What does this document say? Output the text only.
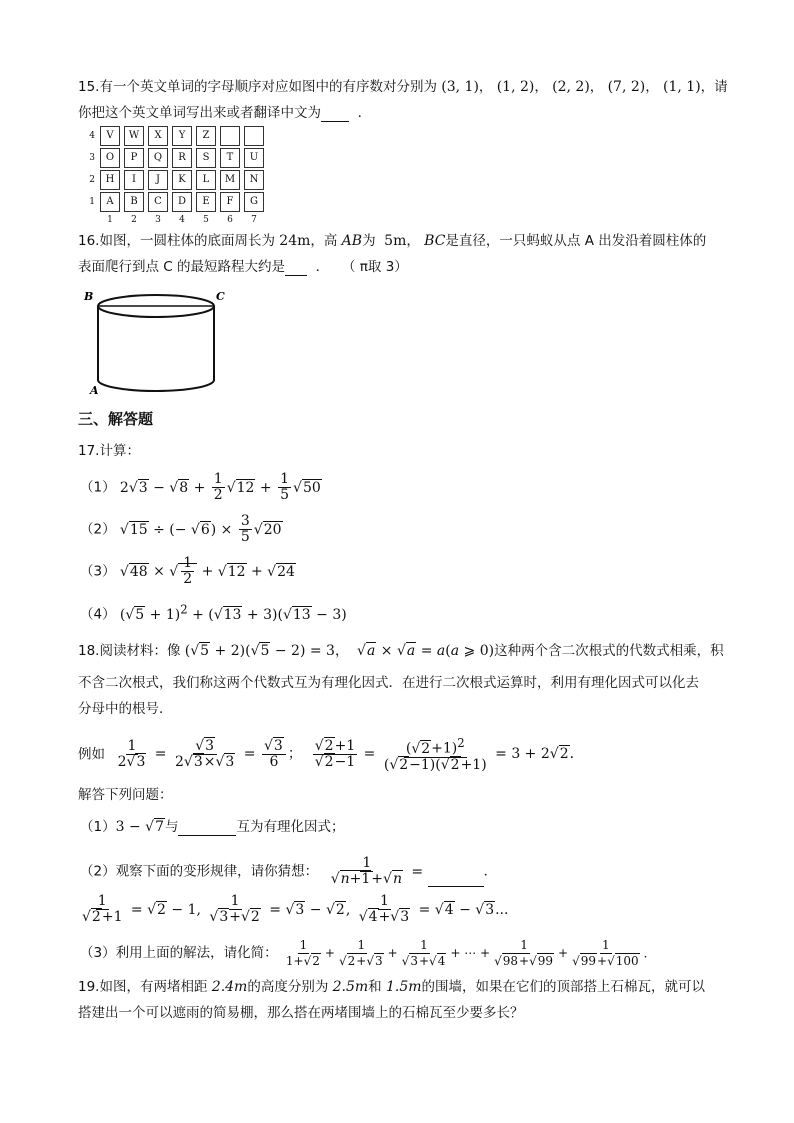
15.有一个英文单词的字母顺序对应如图中的有序数对分别为 (3, 1)， (1, 2)， (2, 2)， (7, 2)， (1, 1)，请
你把这个英文单词写出来或者翻译中文为	．
4	V	W	X	Y	Z		
3	O	P	Q	R	S	T	U
2	H	I	J	K	L	M	N
1	A	B	C	D	E	F	G
	1	2	3	4	5	6	7
16.如图，一圆柱体的底面周长为 24m，高 AB为 5m， BC是直径，一只蚂蚁从点 A 出发沿着圆柱体的
表面爬行到点 C 的最短路程大约是 ． （ π取 3）
B	C
A
三、解答题
17.计算：
（1） 2 √ 3 − √ $8 + \frac{1}{2}$ √ $12 + \frac{1}{5}$ √ 50
（2） √ 15 ÷ (− √ $6) \times \frac{3}{5}$ √ 20
（3） √ 48 × √ $\frac{1}{2}$ + √ 12 + √ 24
（4） ( √ 5 + 1)$^2$ + ( √ 13 + 3)( √ 13 − 3)
18.阅读材料：像 ( √ 5 + 2)( √ 5 − 2) = 3，  √ a × √ a = a(a ⩾ 0)这种两个含二次根式的代数式相乘，积
不含二次根式，我们称这两个代数式互为有理化因式．在进行二次根式运算时，利用有理化因式可以化去
分母中的根号．
例如 $\frac{1}{2 √ 3}$ = √ $\frac{3}{2 √ 3\times √ 3}$ = √ $\frac{3}{6}$ ； √ 2+1
√ $2-1 = \frac{( √ 2+1)^2}{( √ 2-1)( √ 2+1)} = 3 + 2$ √ 2．
解答下列问题：
（1）3 − √ 7与	互为有理化因式；
（2）观察下面的变形规律，请你猜想： 1
√ n+1+ √ n =	．
1
√ 2+1 = √ 2 − 1, 1
√ 3+ √ 2 = √ 3 − √ 2, 1
√ 4+ √ 3 = √ 4 − √ 3...
（3）利用上面的解法，请化简： $\frac{1}{1+ √ 2} + 1$
√ 2+ √ 3 + 1
√ 3+ √ 4 + ⋯ + 1
√ 98+ √ 99 + 1
√ 99+ √ 100 ．
19.如图，有两堵相距 2.4m的高度分别为 2.5m和 1.5m的围墙，如果在它们的顶部搭上石棉瓦，就可以
搭建出一个可以遮雨的简易棚，那么搭在两堵围墙上的石棉瓦至少要多长？
